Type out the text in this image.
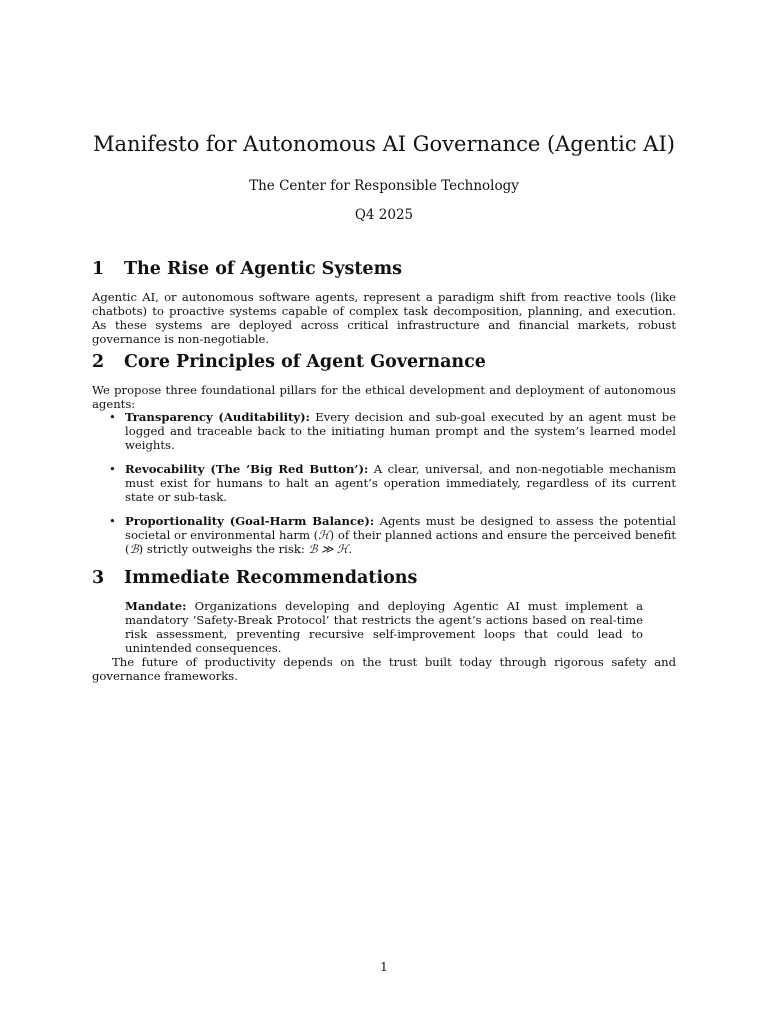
Manifesto for Autonomous AI Governance (Agentic AI)
The Center for Responsible Technology
Q4 2025
1 The Rise of Agentic Systems

Agentic AI, or autonomous software agents, represent a paradigm shift from reactive tools (like chatbots) to proactive systems capable of complex task decomposition, planning, and execution. As these systems are deployed across critical infrastructure and financial markets, robust governance is non-negotiable.

2 Core Principles of Agent Governance

We propose three foundational pillars for the ethical development and deployment of autonomous agents:

• Transparency (Auditability): Every decision and sub-goal executed by an agent must be logged and traceable back to the initiating human prompt and the system’s learned model weights.
• Revocability (The ’Big Red Button’): A clear, universal, and non-negotiable mechanism must exist for humans to halt an agent’s operation immediately, regardless of its current state or sub-task.
• Proportionality (Goal-Harm Balance): Agents must be designed to assess the potential societal or environmental harm (ℋ) of their planned actions and ensure the perceived benefit (ℬ) strictly outweighs the risk: ℬ ≫ ℋ.
3 Immediate Recommendations

Mandate: Organizations developing and deploying Agentic AI must implement a mandatory ’Safety-Break Protocol’ that restricts the agent’s actions based on real-time risk assessment, preventing recursive self-improvement loops that could lead to unintended consequences.

The future of productivity depends on the trust built today through rigorous safety and governance frameworks.

1
